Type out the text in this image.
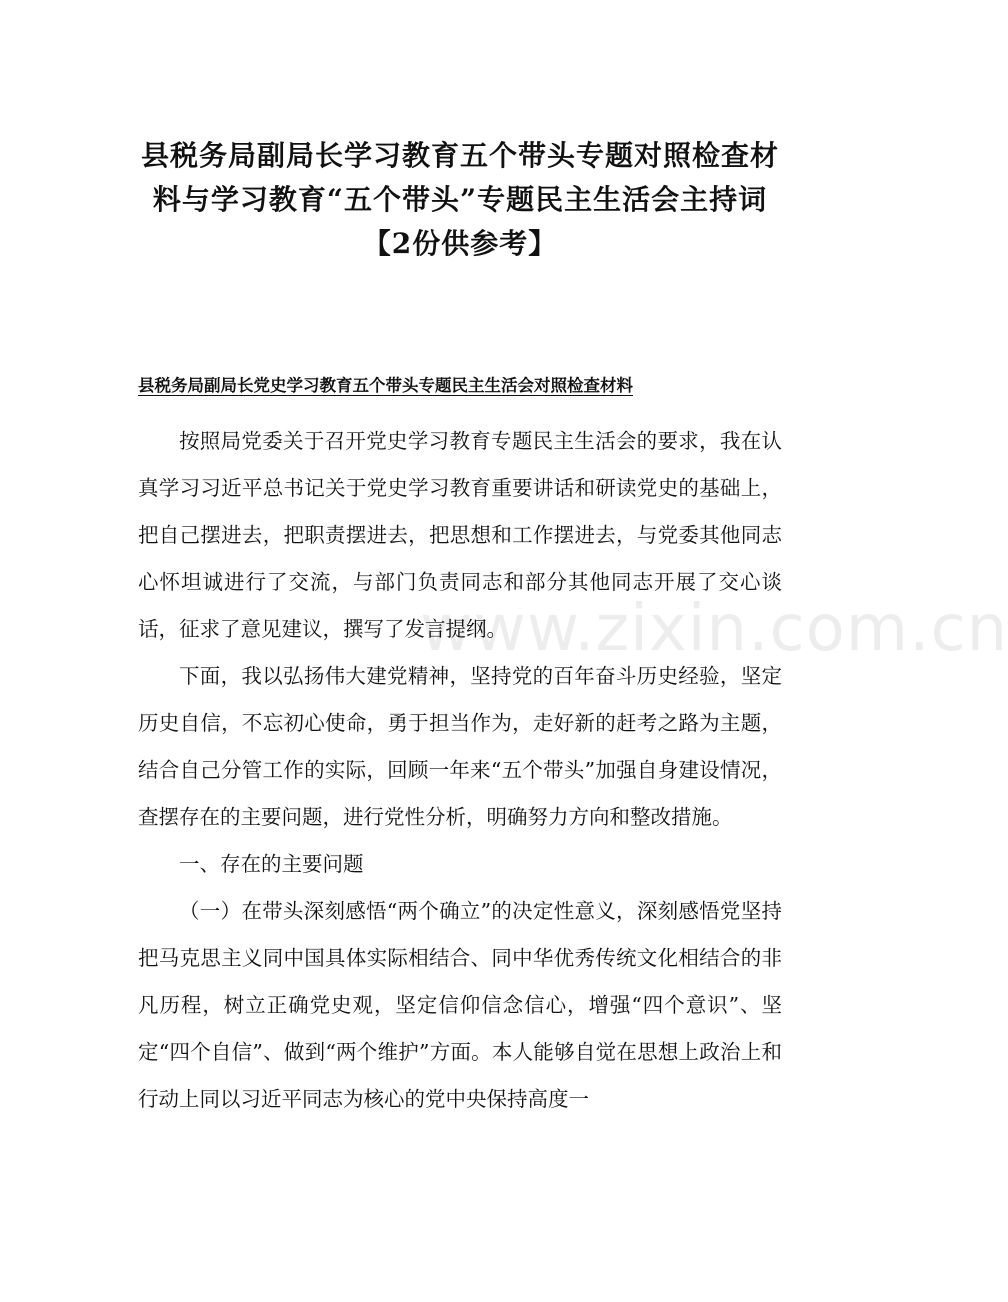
县税务局副局长学习教育五个带头专题对照检查材料与学习教育“五个带头”专题民主生活会主持词【2份供参考】
县税务局副局长党史学习教育五个带头专题民主生活会对照检查材料

按照局党委关于召开党史学习教育专题民主生活会的要求，我在认真学习习近平总书记关于党史学习教育重要讲话和研读党史的基础上，把自己摆进去，把职责摆进去，把思想和工作摆进去，与党委其他同志心怀坦诚进行了交流，与部门负责同志和部分其他同志开展了交心谈话，征求了意见建议，撰写了发言提纲。

下面，我以弘扬伟大建党精神，坚持党的百年奋斗历史经验，坚定历史自信，不忘初心使命，勇于担当作为，走好新的赶考之路为主题，结合自己分管工作的实际，回顾一年来“五个带头”加强自身建设情况，查摆存在的主要问题，进行党性分析，明确努力方向和整改措施。

一、存在的主要问题

（一）在带头深刻感悟“两个确立”的决定性意义，深刻感悟党坚持把马克思主义同中国具体实际相结合、同中华优秀传统文化相结合的非凡历程，树立正确党史观，坚定信仰信念信心，增强“四个意识”、坚定“四个自信”、做到“两个维护”方面。本人能够自觉在思想上政治上和行动上同以习近平同志为核心的党中央保持高度一

www.zixin.com.cn
